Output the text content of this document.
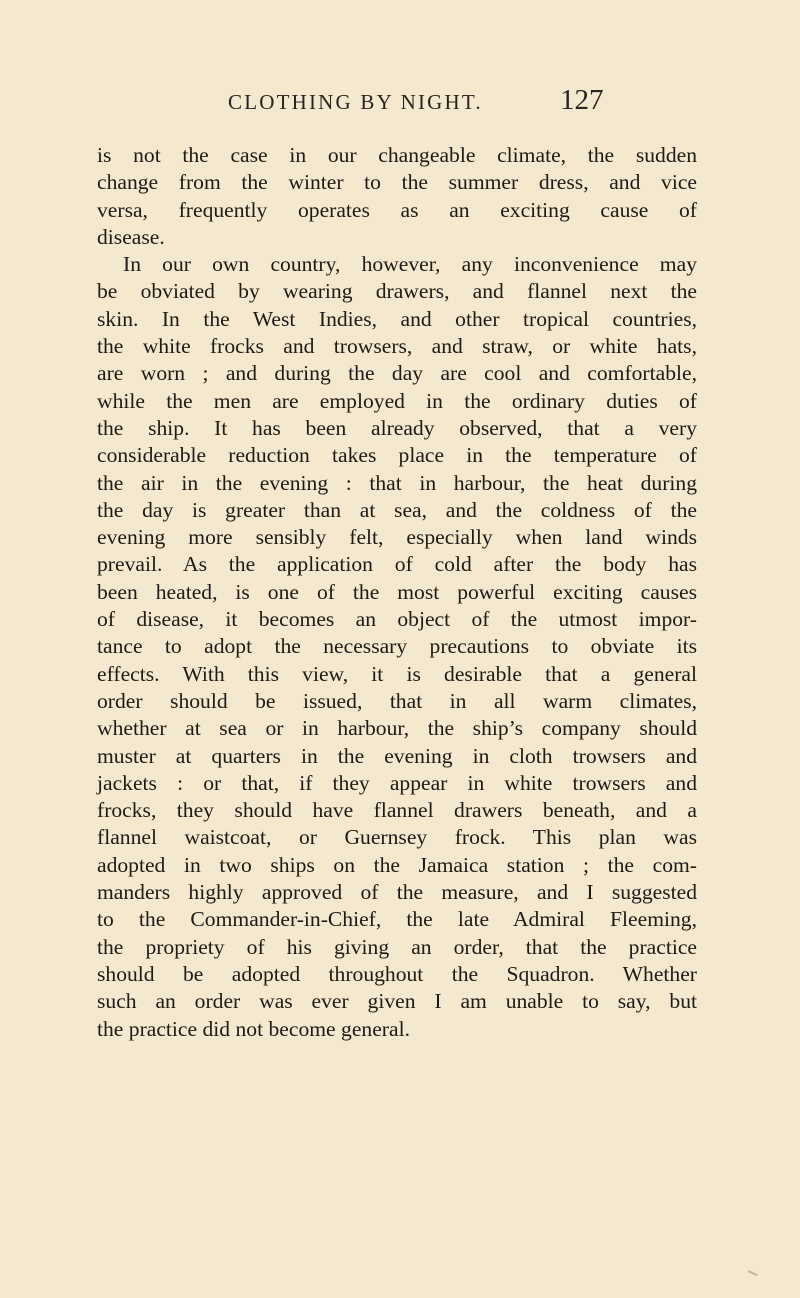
CLOTHING BY NIGHT.	127
is not the case in our changeable climate, the sudden
change from the winter to the summer dress, and vice
versa, frequently operates as an exciting cause of
disease.
In our own country, however, any inconvenience may
be obviated by wearing drawers, and flannel next the
skin. In the West Indies, and other tropical countries,
the white frocks and trowsers, and straw, or white hats,
are worn ; and during the day are cool and comfortable,
while the men are employed in the ordinary duties of
the ship. It has been already observed, that a very
considerable reduction takes place in the temperature of
the air in the evening : that in harbour, the heat during
the day is greater than at sea, and the coldness of the
evening more sensibly felt, especially when land winds
prevail. As the application of cold after the body has
been heated, is one of the most powerful exciting causes
of disease, it becomes an object of the utmost impor-
tance to adopt the necessary precautions to obviate its
effects. With this view, it is desirable that a general
order should be issued, that in all warm climates,
whether at sea or in harbour, the ship’s company should
muster at quarters in the evening in cloth trowsers and
jackets : or that, if they appear in white trowsers and
frocks, they should have flannel drawers beneath, and a
flannel waistcoat, or Guernsey frock. This plan was
adopted in two ships on the Jamaica station ; the com-
manders highly approved of the measure, and I suggested
to the Commander-in-Chief, the late Admiral Fleeming,
the propriety of his giving an order, that the practice
should be adopted throughout the Squadron. Whether
such an order was ever given I am unable to say, but
the practice did not become general.
